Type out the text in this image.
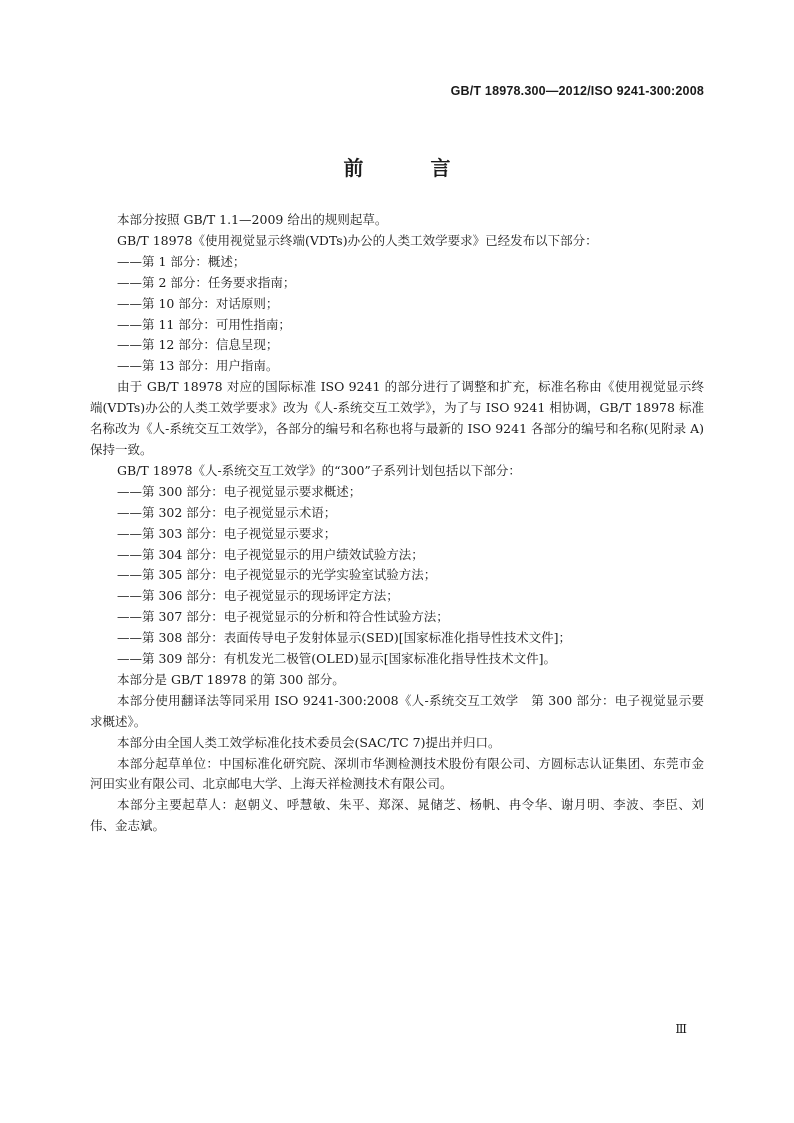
GB/T 18978.300—2012/ISO 9241-300:2008
前 言

本部分按照 GB/T 1.1—2009 给出的规则起草。

GB/T 18978《使用视觉显示终端(VDTs)办公的人类工效学要求》已经发布以下部分：

——第 1 部分：概述；

——第 2 部分：任务要求指南；

——第 10 部分：对话原则；

——第 11 部分：可用性指南；

——第 12 部分：信息呈现；

——第 13 部分：用户指南。

由于 GB/T 18978 对应的国际标准 ISO 9241 的部分进行了调整和扩充，标准名称由《使用视觉显示终端(VDTs)办公的人类工效学要求》改为《人-系统交互工效学》，为了与 ISO 9241 相协调，GB/T 18978 标准名称改为《人-系统交互工效学》，各部分的编号和名称也将与最新的 ISO 9241 各部分的编号和名称(见附录 A)保持一致。

GB/T 18978《人-系统交互工效学》的“300”子系列计划包括以下部分：

——第 300 部分：电子视觉显示要求概述；

——第 302 部分：电子视觉显示术语；

——第 303 部分：电子视觉显示要求；

——第 304 部分：电子视觉显示的用户绩效试验方法；

——第 305 部分：电子视觉显示的光学实验室试验方法；

——第 306 部分：电子视觉显示的现场评定方法；

——第 307 部分：电子视觉显示的分析和符合性试验方法；

——第 308 部分：表面传导电子发射体显示(SED)[国家标准化指导性技术文件]；

——第 309 部分：有机发光二极管(OLED)显示[国家标准化指导性技术文件]。

本部分是 GB/T 18978 的第 300 部分。

本部分使用翻译法等同采用 ISO 9241-300:2008《人-系统交互工效学　第 300 部分：电子视觉显示要求概述》。

本部分由全国人类工效学标准化技术委员会(SAC/TC 7)提出并归口。

本部分起草单位：中国标准化研究院、深圳市华测检测技术股份有限公司、方圆标志认证集团、东莞市金河田实业有限公司、北京邮电大学、上海天祥检测技术有限公司。

本部分主要起草人：赵朝义、呼慧敏、朱平、郑深、晁储芝、杨帆、冉令华、谢月明、李波、李臣、刘伟、金志斌。

Ⅲ
